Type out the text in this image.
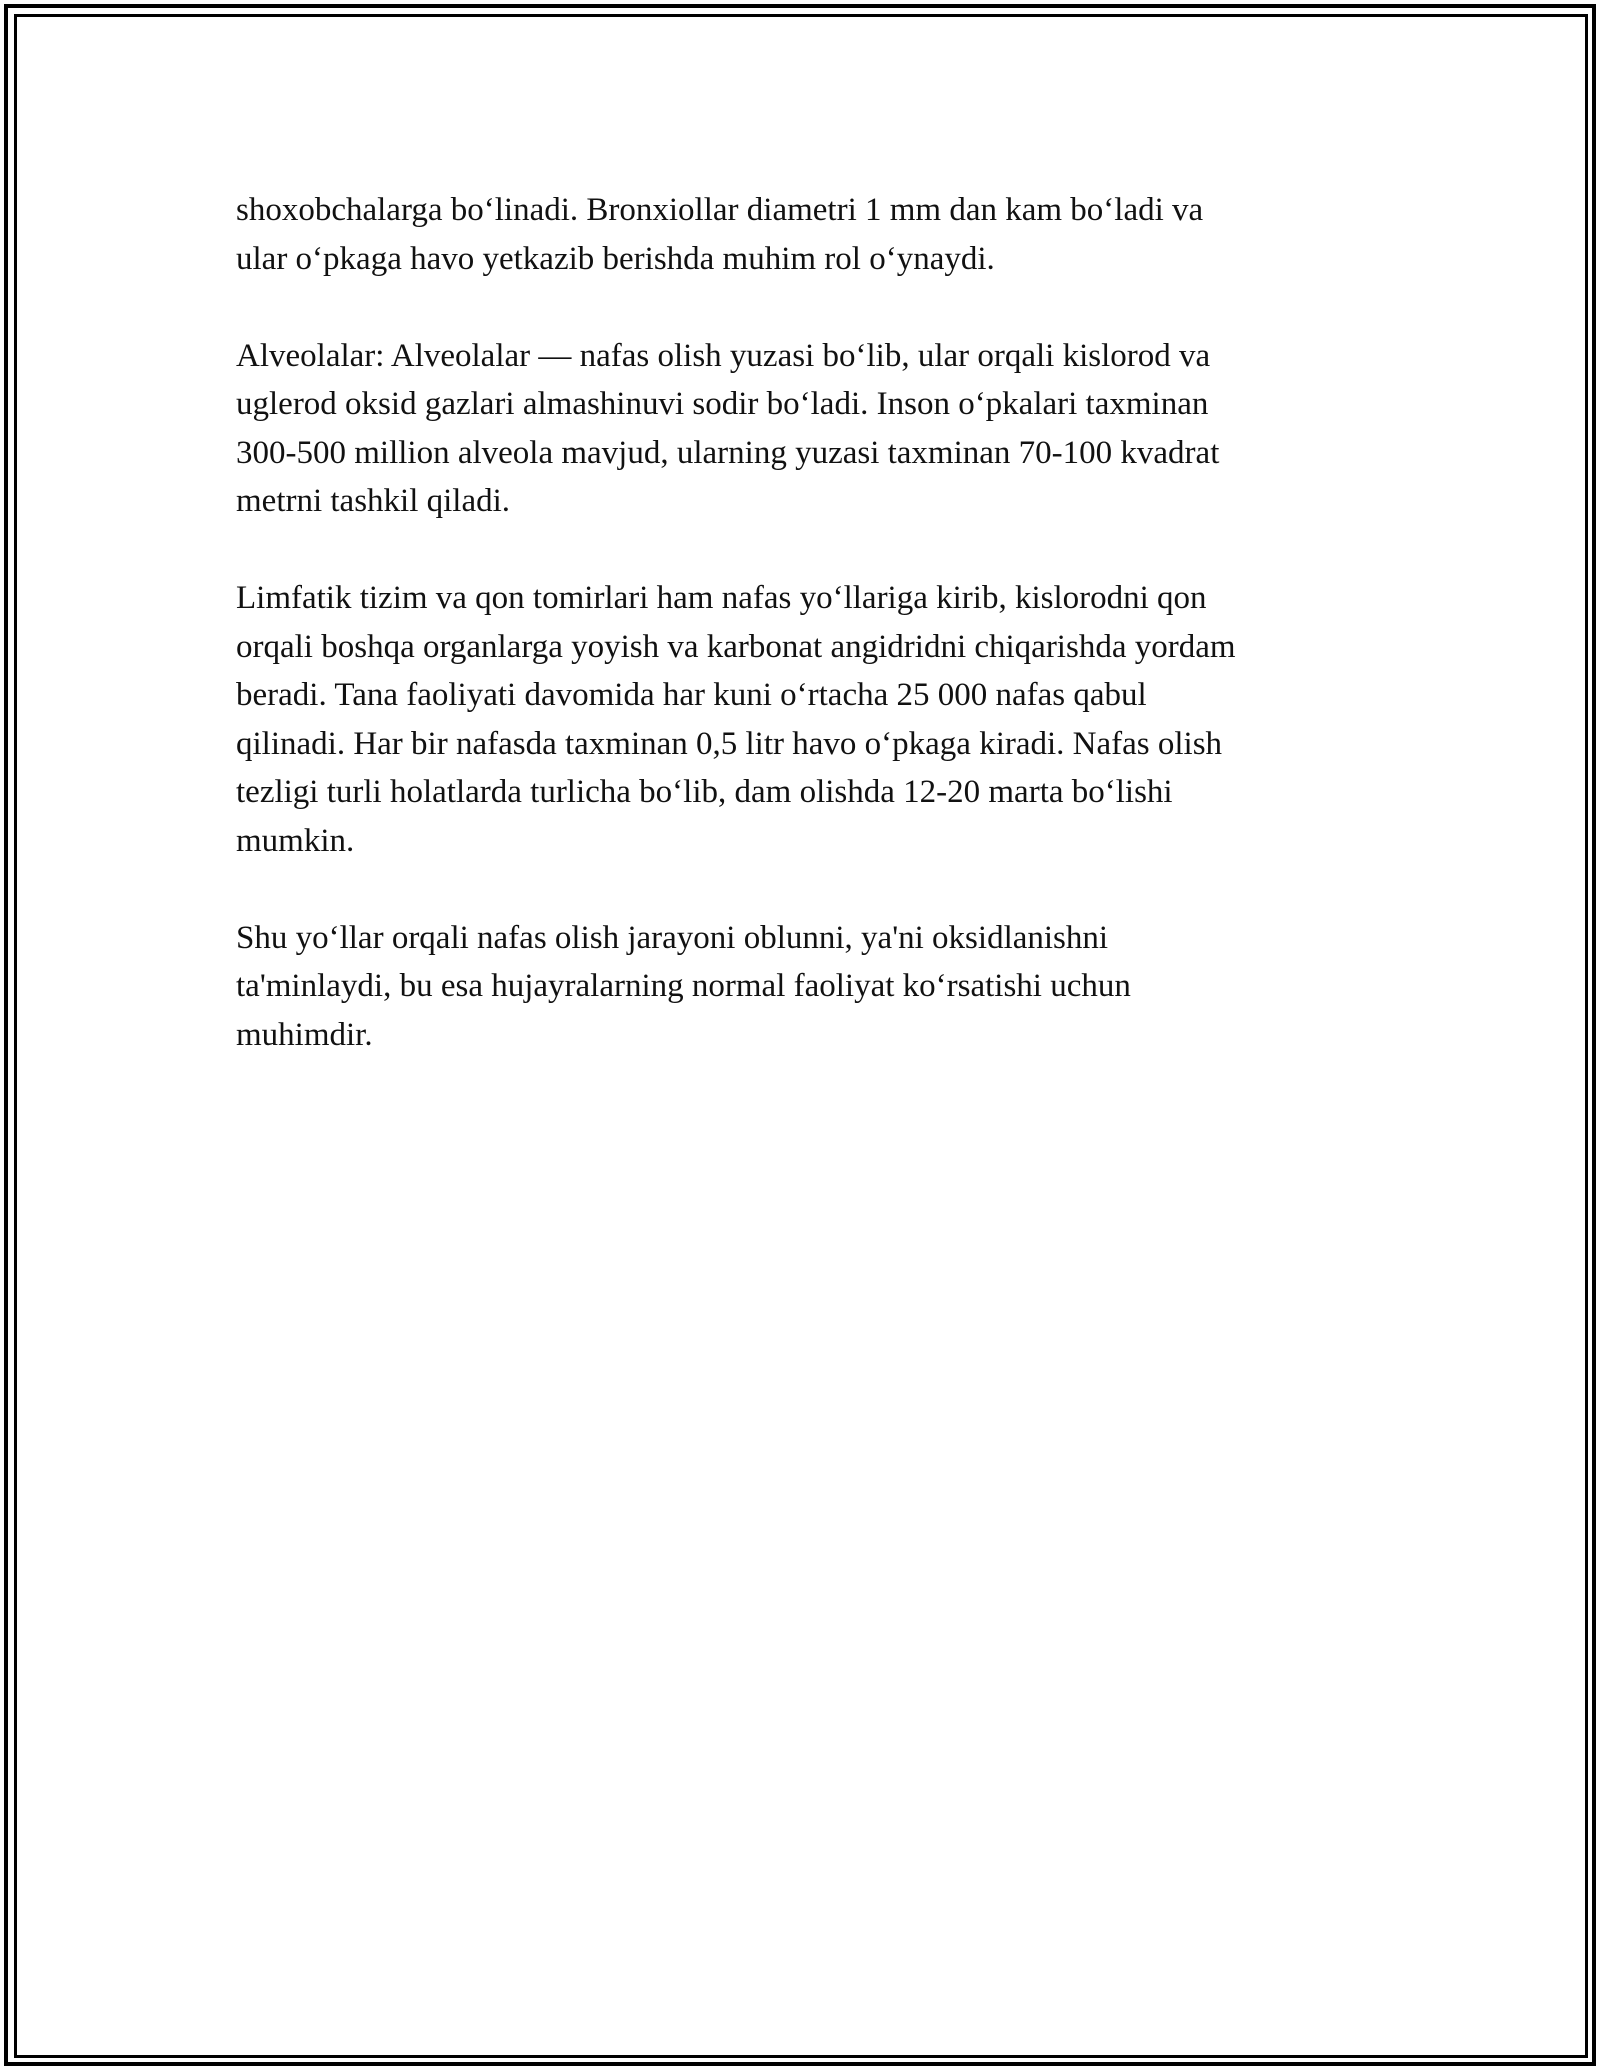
shoxobchalarga bo‘linadi. Bronxiollar diametri 1 mm dan kam bo‘ladi va
ular o‘pkaga havo yetkazib berishda muhim rol o‘ynaydi.

Alveolalar: Alveolalar — nafas olish yuzasi bo‘lib, ular orqali kislorod va
uglerod oksid gazlari almashinuvi sodir bo‘ladi. Inson o‘pkalari taxminan
300-500 million alveola mavjud, ularning yuzasi taxminan 70-100 kvadrat
metrni tashkil qiladi.

Limfatik tizim va qon tomirlari ham nafas yo‘llariga kirib, kislorodni qon
orqali boshqa organlarga yoyish va karbonat angidridni chiqarishda yordam
beradi. Tana faoliyati davomida har kuni o‘rtacha 25 000 nafas qabul
qilinadi. Har bir nafasda taxminan 0,5 litr havo o‘pkaga kiradi. Nafas olish
tezligi turli holatlarda turlicha bo‘lib, dam olishda 12-20 marta bo‘lishi
mumkin.

Shu yo‘llar orqali nafas olish jarayoni oblunni, ya'ni oksidlanishni
ta'minlaydi, bu esa hujayralarning normal faoliyat ko‘rsatishi uchun
muhimdir.
